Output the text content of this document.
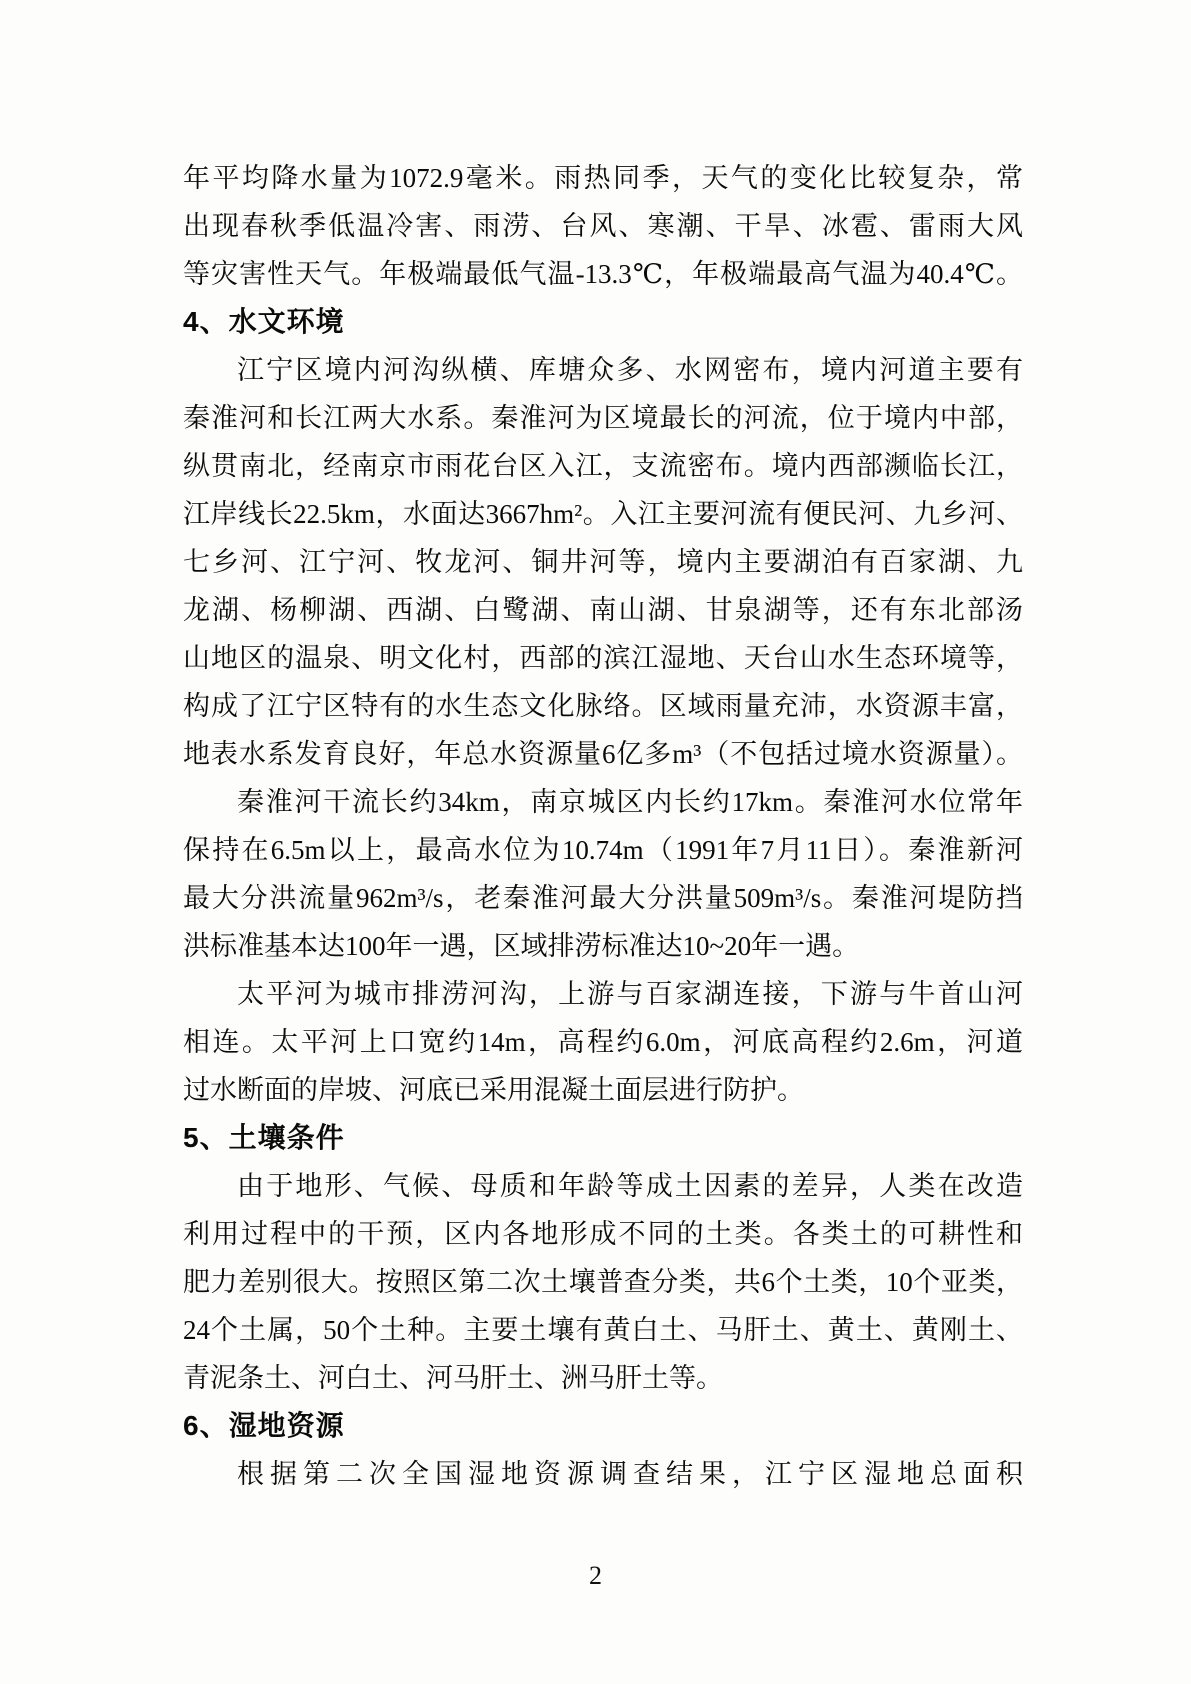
年平均降水量为1072.9毫米。雨热同季，天气的变化比较复杂，常
出现春秋季低温冷害、雨涝、台风、寒潮、干旱、冰雹、雷雨大风
等灾害性天气。年极端最低气温-13.3℃，年极端最高气温为40.4℃。
4、水文环境
江宁区境内河沟纵横、库塘众多、水网密布，境内河道主要有
秦淮河和长江两大水系。秦淮河为区境最长的河流，位于境内中部，
纵贯南北，经南京市雨花台区入江，支流密布。境内西部濒临长江，
江岸线长22.5km，水面达3667hm²。入江主要河流有便民河、九乡河、
七乡河、江宁河、牧龙河、铜井河等，境内主要湖泊有百家湖、九
龙湖、杨柳湖、西湖、白鹭湖、南山湖、甘泉湖等，还有东北部汤
山地区的温泉、明文化村，西部的滨江湿地、天台山水生态环境等，
构成了江宁区特有的水生态文化脉络。区域雨量充沛，水资源丰富，
地表水系发育良好，年总水资源量6亿多m³（不包括过境水资源量）。
秦淮河干流长约34km，南京城区内长约17km。秦淮河水位常年
保持在6.5m以上，最高水位为10.74m（1991年7月11日）。秦淮新河
最大分洪流量962m³/s，老秦淮河最大分洪量509m³/s。秦淮河堤防挡
洪标准基本达100年一遇，区域排涝标准达10~20年一遇。
太平河为城市排涝河沟，上游与百家湖连接，下游与牛首山河
相连。太平河上口宽约14m，高程约6.0m，河底高程约2.6m，河道
过水断面的岸坡、河底已采用混凝土面层进行防护。
5、土壤条件
由于地形、气候、母质和年龄等成土因素的差异，人类在改造
利用过程中的干预，区内各地形成不同的土类。各类土的可耕性和
肥力差别很大。按照区第二次土壤普查分类，共6个土类，10个亚类，
24个土属，50个土种。主要土壤有黄白土、马肝土、黄土、黄刚土、
青泥条土、河白土、河马肝土、洲马肝土等。
6、湿地资源
根据第二次全国湿地资源调查结果，江宁区湿地总面积
2
